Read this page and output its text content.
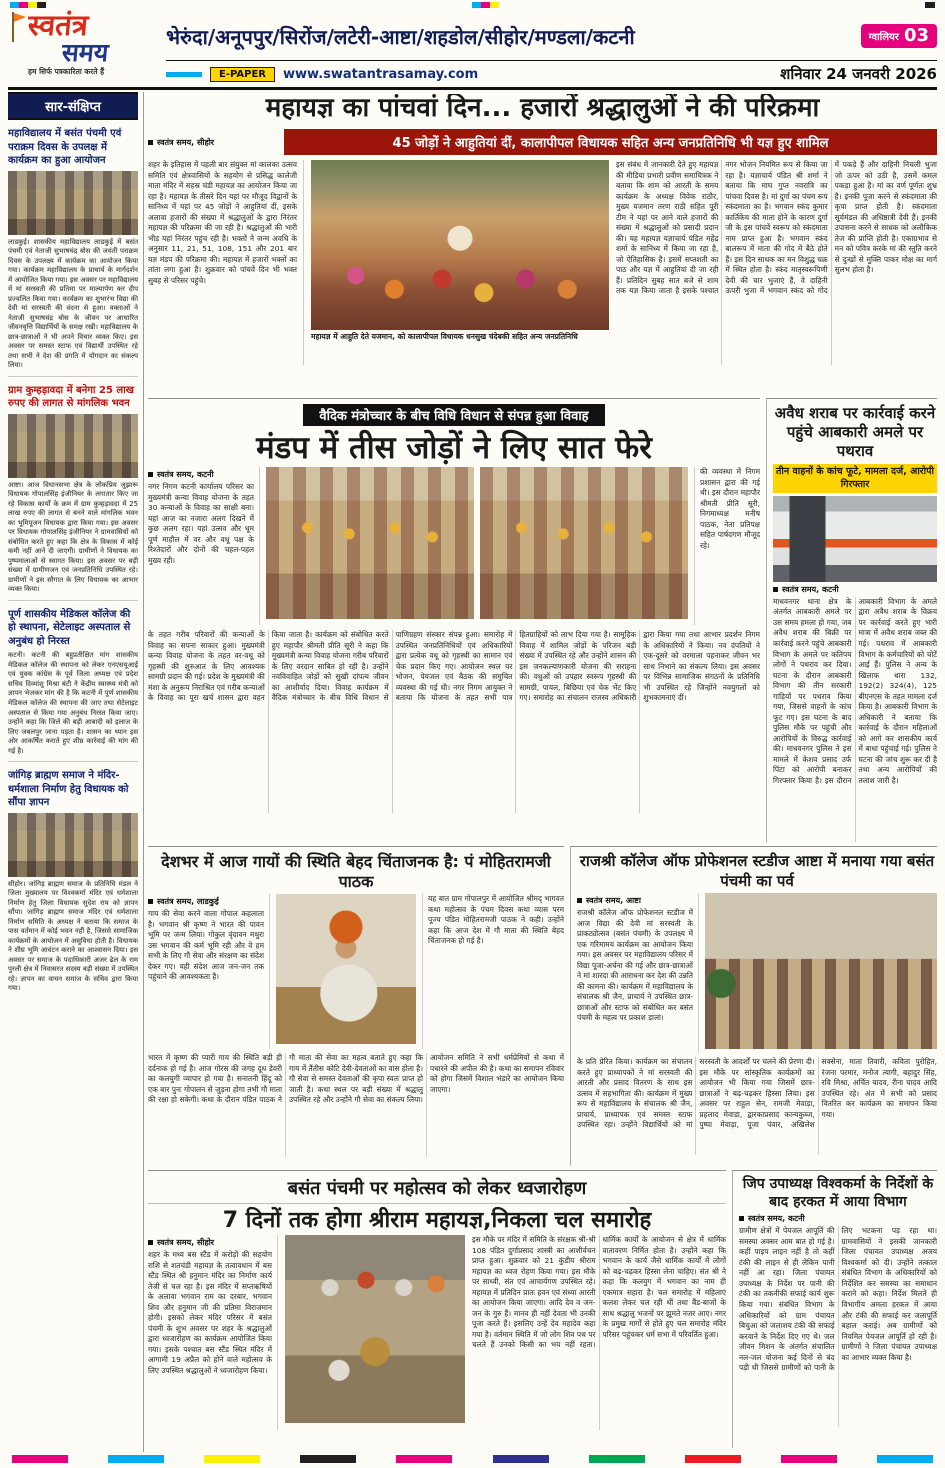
स्वतंत्र
समय
हम सिर्फ पत्रकारिता करते हैं
भेरुंदा/अनूपपुर/सिरोंज/लटेरी-आष्टा/शहडोल/सीहोर/मण्डला/कटनी	ग्वालियर 03
E-PAPER	www.swatantrasamay.com	शनिवार 24 जनवरी 2026
सार-संक्षिप्त
महाविद्यालय में बसंत पंचमी एवं पराक्रम दिवस के उपलक्ष में कार्यक्रम का हुआ आयोजन

लाडकुई। शासकीय महाविद्यालय लाडकुई में बसंत पंचमी एवं नेताजी सुभाषचंद्र बोस की जयंती पराक्रम दिवस के उपलक्ष्य में कार्यक्रम का आयोजन किया गया। कार्यक्रम महाविद्यालय के प्राचार्य के मार्गदर्शन में आयोजित किया गया। इस अवसर पर महाविद्यालय में मां सरस्वती की प्रतिमा पर माल्यार्पण कर दीप प्रज्वलित किया गया। कार्यक्रम का शुभारंभ विद्या की देवी मां सरस्वती की वंदना से हुआ। वक्ताओं ने नेताजी सुभाषचंद्र बोस के जीवन पर आधारित जीवनवृत्ति विद्यार्थियों के समक्ष रखी। महाविद्यालय के छात्र-छात्राओं ने भी अपने विचार व्यक्त किए। इस अवसर पर समस्त स्टाफ एवं विद्यार्थी उपस्थित रहे तथा सभी ने देश की प्रगति में योगदान का संकल्प लिया।

ग्राम कुम्हड़ावदा में बनेगा 25 लाख रुपए की लागत से मांगलिक भवन

आष्टा। आज विधानसभा क्षेत्र के लोकप्रिय जुझारू विधायक गोपालसिंह इंजीनियर के लगातार किए जा रहे विकास कार्यों के क्रम में ग्राम कुम्हड़ावदा में 25 लाख रुपए की लागत से बनने वाले मांगलिक भवन का भूमिपूजन विधायक द्वारा किया गया। इस अवसर पर विधायक गोपालसिंह इंजीनियर ने ग्रामवासियों को संबोधित करते हुए कहा कि क्षेत्र के विकास में कोई कमी नहीं आने दी जाएगी। ग्रामीणों ने विधायक का पुष्पमालाओं से स्वागत किया। इस अवसर पर बड़ी संख्या में ग्रामीणजन एवं जनप्रतिनिधि उपस्थित रहे। ग्रामीणों ने इस सौगात के लिए विधायक का आभार व्यक्त किया।

पूर्ण शासकीय मेडिकल कॉलेज की हो स्थापना, सेटेलाइट अस्पताल से अनुबंध हो निरस्त

कटनी। कटनी की बहुप्रतीक्षित मांग शासकीय मेडिकल कॉलेज की स्थापना को लेकर एनएसयूआई एवं युवक कांग्रेस के पूर्व जिला अध्यक्ष एवं प्रदेश सचिव दिव्यांशु मिश्रा बंटी ने केंद्रीय स्वास्थ्य मंत्री को ज्ञापन भेजकर मांग की है कि कटनी में पूर्ण शासकीय मेडिकल कॉलेज की स्थापना की जाए तथा सेटेलाइट अस्पताल से किया गया अनुबंध निरस्त किया जाए। उन्होंने कहा कि जिले की बड़ी आबादी को इलाज के लिए जबलपुर जाना पड़ता है। शासन का ध्यान इस ओर आकर्षित कराते हुए शीघ्र कार्रवाई की मांग की गई है।

जांगिड़ ब्राह्मण समाज ने मंदिर-धर्मशाला निर्माण हेतु विधायक को सौंपा ज्ञापन

सीहोर। जांगिड़ ब्राह्मण समाज के प्रतिनिधि मंडल ने जिला मुख्यालय पर विश्वकर्मा मंदिर एवं धर्मशाला निर्माण हेतु जिला विधायक सुदेश राय को ज्ञापन सौंपा। जांगिड़ ब्राह्मण समाज मंदिर एवं धर्मशाला निर्माण समिति के अध्यक्ष ने बताया कि समाज के पास वर्तमान में कोई भवन नहीं है, जिससे सामाजिक कार्यक्रमों के आयोजन में असुविधा होती है। विधायक ने शीघ्र भूमि आवंटन कराने का आश्वासन दिया। इस अवसर पर समाज के पदाधिकारी अजर ढेल के राम पुरली क्षेत्र में निवासरत सदस्य बड़ी संख्या में उपस्थित रहे। ज्ञापन का वाचन समाज के सचिव द्वारा किया गया।

महायज्ञ का पांचवां दिन... हजारों श्रद्धालुओं ने की परिक्रमा
स्वतंत्र समय, सीहोर	45 जोड़ों ने आहुतियां दीं, कालापीपल विधायक सहित अन्य जनप्रतिनिधि भी यज्ञ हुए शामिल
शहर के इतिहास में पहली बार संयुक्त मां कालका उत्सव समिति एवं क्षेत्रवासियों के सहयोग से प्रसिद्ध कालेजी माता मंदिर में सहस्र चंडी महायज्ञ का आयोजन किया जा रहा है। महायज्ञ के तीसरे दिन यहां पर मौजूद विद्वानों के सानिध्य में यहां पर 45 जोड़ों ने आहुतियां दीं, इसके अलावा हजारों की संख्या में श्रद्धालुओं के द्वारा निरंतर महायज्ञ की परिक्रमा की जा रही है। श्रद्धालुओं की भारी भीड़ यहां निरंतर पहुंच रही है। भक्तों ने जन्म अवधि के अनुसार 11, 21, 51, 108, 151 और 201 बार यज्ञ मंडप की परिक्रमा की। महायज्ञ में हजारों भक्तों का तांता लगा हुआ है। शुक्रवार को पांचवें दिन भी भक्त सुबह से परिसर पहुंचे।
महायज्ञ में आहुति देते यजमान, को कालापीपल विधायक धनसुख चंदेबकी सहित अन्य जनप्रतिनिधि
इस संबंध में जानकारी देते हुए महायज्ञ की मीडिया प्रभारी प्रवीण समाचित्रक ने बताया कि शाम को आरती के समय कार्यक्रम के अध्यक्ष विवेक राठौर, मुख्य यजमान तरण राठी सहित पूरी टीम ने यहां पर आने वाले हजारों की संख्या में श्रद्धालुओं को प्रसादी प्रदान की। यह महायज्ञ यज्ञाचार्य पंडित महेंद्र शर्मा के सानिध्य में किया जा रहा है, जो ऐतिहासिक है। इसमें सप्तशती का पाठ और यज्ञ में आहुतियां दी जा रही हैं। प्रतिदिन सुबह सात बजे से शाम तक यज्ञ किया जाता है इसके पश्चात नगर भोजन नियमित रूप से किया जा रहा है। यज्ञाचार्य पंडित श्री शर्मा ने बताया कि माघ गुप्त नवरात्रि का पांचवा दिवस है। मां दुर्गा का पंचम रूप स्कंदमाता का है। भगवान स्कंद कुमार कार्तिकेय की माता होने के कारण दुर्गा जी के इस पांचवें स्वरूप को स्कंदमाता नाम प्राप्त हुआ है। भगवान स्कंद बालरूप में माता की गोद में बैठे होते हैं। इस दिन साधक का मन विशुद्ध चक्र में स्थित होता है। स्कंद मातृस्वरूपिणी देवी की चार भुजाएं हैं, वे दाहिनी ऊपरी भुजा में भगवान स्कंद को गोद में पकड़े हैं और दाहिनी निचली भुजा जो ऊपर को उठी है, उसमें कमल पकड़ा हुआ है। मां का वर्ण पूर्णतः शुभ्र है। इनकी पूजा करने से स्कंदमाता की कृपा प्राप्त होती है। स्कंदमाता सूर्यमंडल की अधिष्ठात्री देवी हैं। इनकी उपासना करने से साधक को अलौकिक तेज की प्राप्ति होती है। एकाग्रभाव से मन को पवित्र करके मां की स्तुति करने से दुःखों से मुक्ति पाकर मोक्ष का मार्ग सुलभ होता है।
वैदिक मंत्रोच्चार के बीच विधि विधान से संपन्न हुआ विवाह
मंडप में तीस जोड़ों ने लिए सात फेरे
स्वतंत्र समय, कटनी
नगर निगम कटनी कार्यालय परिसर का मुख्यमंत्री कन्या विवाह योजना के तहत 30 कन्याओं के विवाह का साक्षी बना। यहां आज का नजारा अलग दिखने में कुछ अलग रहा। यहां उत्सव और धूम पूर्ण माहौल में वर और वधू पक्ष के रिश्तेदारों और दोनों की चहल-पहल मुख्य रही।
की व्यवस्था में निगम प्रशासन द्वारा की गई थी। इस दौरान महापौर श्रीमती प्रीति सूरी, निगमाध्यक्ष मनीष पाठक, नेता प्रतिपक्ष सहित पार्षदगण मौजूद रहे।
के तहत गरीब परिवारों की कन्याओं के विवाह का सपना साकार हुआ। मुख्यमंत्री कन्या विवाह योजना के तहत वर-वधू को गृहस्थी की शुरुआत के लिए आवश्यक सामग्री प्रदान की गई। प्रदेश के मुख्यमंत्री की मंशा के अनुरूप निराश्रित एवं गरीब कन्याओं के विवाह का पूरा खर्च शासन द्वारा वहन किया जाता है। कार्यक्रम को संबोधित करते हुए महापौर श्रीमती प्रीति सूरी ने कहा कि मुख्यमंत्री कन्या विवाह योजना गरीब परिवारों के लिए वरदान साबित हो रही है। उन्होंने नवविवाहित जोड़ों को सुखी दांपत्य जीवन का आशीर्वाद दिया। विवाह कार्यक्रम में वैदिक मंत्रोच्चार के बीच विधि विधान से पाणिग्रहण संस्कार संपन्न हुआ। समारोह में उपस्थित जनप्रतिनिधियों एवं अधिकारियों द्वारा प्रत्येक वधू को गृहस्थी का सामान एवं चेक प्रदान किए गए। आयोजन स्थल पर भोजन, पेयजल एवं बैठक की समुचित व्यवस्था की गई थी। नगर निगम आयुक्त ने बताया कि योजना के तहत सभी पात्र हितग्राहियों को लाभ दिया गया है। सामूहिक विवाह में शामिल जोड़ों के परिजन बड़ी संख्या में उपस्थित रहे और उन्होंने शासन की इस जनकल्याणकारी योजना की सराहना की। वधुओं को उपहार स्वरूप गृहस्थी की सामग्री, पायल, बिछिया एवं चेक भेंट किए गए। समारोह का संचालन राजस्व अधिकारी द्वारा किया गया तथा आभार प्रदर्शन निगम के अधिकारियों ने किया। नव दंपतियों ने एक-दूसरे को वरमाला पहनाकर जीवन भर साथ निभाने का संकल्प लिया। इस अवसर पर विभिन्न सामाजिक संगठनों के प्रतिनिधि भी उपस्थित रहे जिन्होंने नवयुगलों को शुभकामनाएं दीं।
अवैध शराब पर कार्रवाई करने पहुंचे आबकारी अमले पर पथराव
तीन वाहनों के कांच फूटे, मामला दर्ज, आरोपी गिरफ्तार
स्वतंत्र समय, कटनी
माधवनगर थाना क्षेत्र के अंतर्गत आबकारी अमले पर उस समय हमला हो गया, जब अवैध शराब की बिक्री पर कार्रवाई करने पहुंचे आबकारी विभाग के अमले पर कतिपय लोगों ने पथराव कर दिया। घटना के दौरान आबकारी विभाग की तीन सरकारी गाड़ियों पर पथराव किया गया, जिससे वाहनों के कांच फूट गए। इस घटना के बाद पुलिस मौके पर पहुंची और आरोपियों के विरुद्ध कार्रवाई की। माधवनगर पुलिस ने इस मामले में केशव प्रसाद उर्फ पिंटा को आरोपी बनाकर गिरफ्तार किया है। इस दौरान आबकारी विभाग के अमले द्वारा अवैध शराब के विक्रय पर कार्रवाई करते हुए भारी मात्रा में अवैध शराब जब्त की गई। पथराव में आबकारी विभाग के कर्मचारियों को चोटें आई हैं। पुलिस ने अन्य के खिलाफ धारा 132, 192(2) 324(4), 125 बीएनएस के तहत मामला दर्ज किया है। आबकारी विभाग के अधिकारी ने बताया कि कार्रवाई के दौरान महिलाओं को आगे कर शासकीय कार्य में बाधा पहुंचाई गई। पुलिस ने घटना की जांच शुरू कर दी है तथा अन्य आरोपियों की तलाश जारी है।
देशभर में आज गायों की स्थिति बेहद चिंताजनक है: पं मोहितरामजी पाठक
स्वतंत्र समय, लाडकुई
गाय की सेवा करने वाला गोपाल कहलाता है। भगवान श्री कृष्ण ने भारत की पावन भूमि पर जन्म लिया। गोकुल वृंदावन मथुरा उस भगवान की कर्म भूमि रही और वे हम सभी के लिए गौ सेवा और संरक्षण का संदेश देकर गए। यही संदेश आज जन-जन तक पहुंचाने की आवश्यकता है।
यह बात ग्राम गोपालपुर में आयोजित श्रीमद् भागवत कथा महोत्सव के पंचम दिवस कथा व्यास परम पूज्य पंडित मोहितरामजी पाठक ने कही। उन्होंने कहा कि आज देश में गौ माता की स्थिति बेहद चिंताजनक हो गई है।
भारत में कृष्ण की प्यारी गाय की स्थिति बड़ी ही दर्दनाक हो गई है। आज गोरस की जगह दूध डेयरी का कलयुगी व्यापार हो गया है। सनातनी हिंदू को एक बार पुनः गोपालन से जुड़ना होगा तभी गौ माता की रक्षा हो सकेगी। कथा के दौरान पंडित पाठक ने गौ माता की सेवा का महत्व बताते हुए कहा कि गाय में तैंतीस कोटि देवी-देवताओं का वास होता है। गौ सेवा से समस्त देवताओं की कृपा स्वतः प्राप्त हो जाती है। कथा स्थल पर बड़ी संख्या में श्रद्धालु उपस्थित रहे और उन्होंने गौ सेवा का संकल्प लिया। आयोजन समिति ने सभी धर्मप्रेमियों से कथा में पधारने की अपील की है। कथा का समापन रविवार को होगा जिसमें विशाल भंडारे का आयोजन किया जाएगा।
राजश्री कॉलेज ऑफ प्रोफेशनल स्टडीज आष्टा में मनाया गया बसंत पंचमी का पर्व
स्वतंत्र समय, आष्टा
राजश्री कॉलेज ऑफ प्रोफेशनल स्टडीज में आज विद्या की देवी मां सरस्वती के प्राकट्योत्सव (बसंत पंचमी) के उपलक्ष्य में एक गरिमामय कार्यक्रम का आयोजन किया गया। इस अवसर पर महाविद्यालय परिसर में विद्या पूजा-अर्चना की गई और छात्र-छात्राओं ने मां शारदा की आराधना कर देश की उन्नति की कामना की। कार्यक्रम में महाविद्यालय के संचालक श्री जैन, प्राचार्य ने उपस्थित छात्र-छात्राओं और स्टाफ को संबोधित कर बसंत पंचमी के महत्व पर प्रकाश डाला।
के प्रति प्रेरित किया। कार्यक्रम का संचालन करते हुए प्राध्यापकों ने मां सरस्वती की आरती और प्रसाद वितरण के साथ इस उत्सव में सहभागिता की। कार्यक्रम में मुख्य रूप से महाविद्यालय के संचालक श्री जैन, प्राचार्य, प्राध्यापक एवं समस्त स्टाफ उपस्थित रहा। उन्होंने विद्यार्थियों को मां सरस्वती के आदर्शों पर चलने की प्रेरणा दी। इस मौके पर सांस्कृतिक कार्यक्रमों का आयोजन भी किया गया जिसमें छात्र-छात्राओं ने बढ़-चढ़कर हिस्सा लिया। इस अवसर पर राहुल सेन, रामजी मेवाड़ा, प्रहलाद मेवाड़ा, द्वारकाप्रसाद कान्यकुब्ज, पुष्पा मेवाड़ा, पूजा पंवार, अखिलेश सक्सेना, माता तिवारी, कविता पुरोहित, रंजना परमार, मनोज त्यागी, बहादुर सिंह, रवि मिश्रा, अर्चित यादव, रीना यादव आदि उपस्थित रहे। अंत में सभी को प्रसाद वितरित कर कार्यक्रम का समापन किया गया।
बसंत पंचमी पर महोत्सव को लेकर ध्वजारोहण
7 दिनों तक होगा श्रीराम महायज्ञ,निकला चल समारोह
स्वतंत्र समय, सीहोर
शहर के मध्य बस स्टैंड में करोड़ों की सहयोग राशि से शतचंडी महायज्ञ के तत्वावधान में बस स्टैंड स्थित श्री हनुमान मंदिर का निर्माण कार्य तेजी से चल रहा है। इस मंदिर में सप्तऋषियों के अलावा भगवान राम का दरबार, भगवान शिव और हनुमान जी की प्रतिमा विराजमान होगी। इसको लेकर मंदिर परिसर में बसंत पंचमी के शुभ अवसर पर शहर के श्रद्धालुओं द्वारा ध्वजारोहण का कार्यक्रम आयोजित किया गया। इसके पश्चात बस स्टैंड स्थित मंदिर में आगामी 19 अप्रैल को होने वाले महोत्सव के लिए उपस्थित श्रद्धालुओं ने ध्वजारोहण किया।
इस मौके पर मंदिर में समिति के संरक्षक श्री-श्री 108 पंडित दुर्गाप्रसाद शास्त्री का आशीर्वचन प्राप्त हुआ। शुक्रवार को 21 कुंडीय श्रीराम महायज्ञ का ध्वज रोहण किया गया। इस मौके पर साध्वी, संत एवं आचार्यगण उपस्थित रहे। महायज्ञ में प्रतिदिन प्रातः हवन एवं संध्या आरती का आयोजन किया जाएगा। आदि देव व जन-जन के गुरु हैं। मानव ही नहीं देवता भी उनकी पूजा करते हैं। इसलिए उन्हें देव महादेव कहा गया है। वर्तमान स्थिति में जो लोग शिव पथ पर चलते हैं उनको किसी का भय नहीं रहता। धार्मिक कार्यों के आयोजन से क्षेत्र में धार्मिक वातावरण निर्मित होता है। उन्होंने कहा कि भगवान के कार्य जैसे धार्मिक कार्यों में लोगों को बढ़-चढ़कर हिस्सा लेना चाहिए। संत श्री ने कहा कि कलयुग में भगवान का नाम ही एकमात्र सहारा है। चल समारोह में महिलाएं कलश लेकर चल रही थीं तथा बैंड-बाजों के साथ श्रद्धालु भजनों पर झूमते नजर आए। नगर के प्रमुख मार्गों से होते हुए चल समारोह मंदिर परिसर पहुंचकर धर्म सभा में परिवर्तित हुआ।
जिप उपाध्यक्ष विश्वकर्मा के निर्देशों के बाद हरकत में आया विभाग
स्वतंत्र समय, कटनी
ग्रामीण क्षेत्रों में पेयजल आपूर्ति की समस्या अक्सर आम बात हो गई है। कहीं पाइप लाइन नहीं है तो कहीं टंकी की लाइन से ही लेकिन पानी नहीं आ रहा। जिला पंचायत उपाध्यक्ष के निर्देश पर पानी की टंकी का तकनीकी सफाई कार्य शुरू किया गया। संबंधित विभाग के अधिकारियों को ग्राम पंचायत बिचुआ को जलाशय टंकी की सफाई करवाने के निर्देश दिए गए थे। जल जीवन मिशन के अंतर्गत संचालित नल-जल योजना कई दिनों से बंद पड़ी थी जिससे ग्रामीणों को पानी के लिए भटकना पड़ रहा था। ग्रामवासियों ने इसकी जानकारी जिला पंचायत उपाध्यक्ष अजय विश्वकर्मा को दी। उन्होंने तत्काल संबंधित विभाग के अधिकारियों को निर्देशित कर समस्या का समाधान कराने को कहा। निर्देश मिलते ही विभागीय अमला हरकत में आया और टंकी की सफाई कर जलापूर्ति बहाल कराई। अब ग्रामीणों को नियमित पेयजल आपूर्ति हो रही है। ग्रामीणों ने जिला पंचायत उपाध्यक्ष का आभार व्यक्त किया है।
